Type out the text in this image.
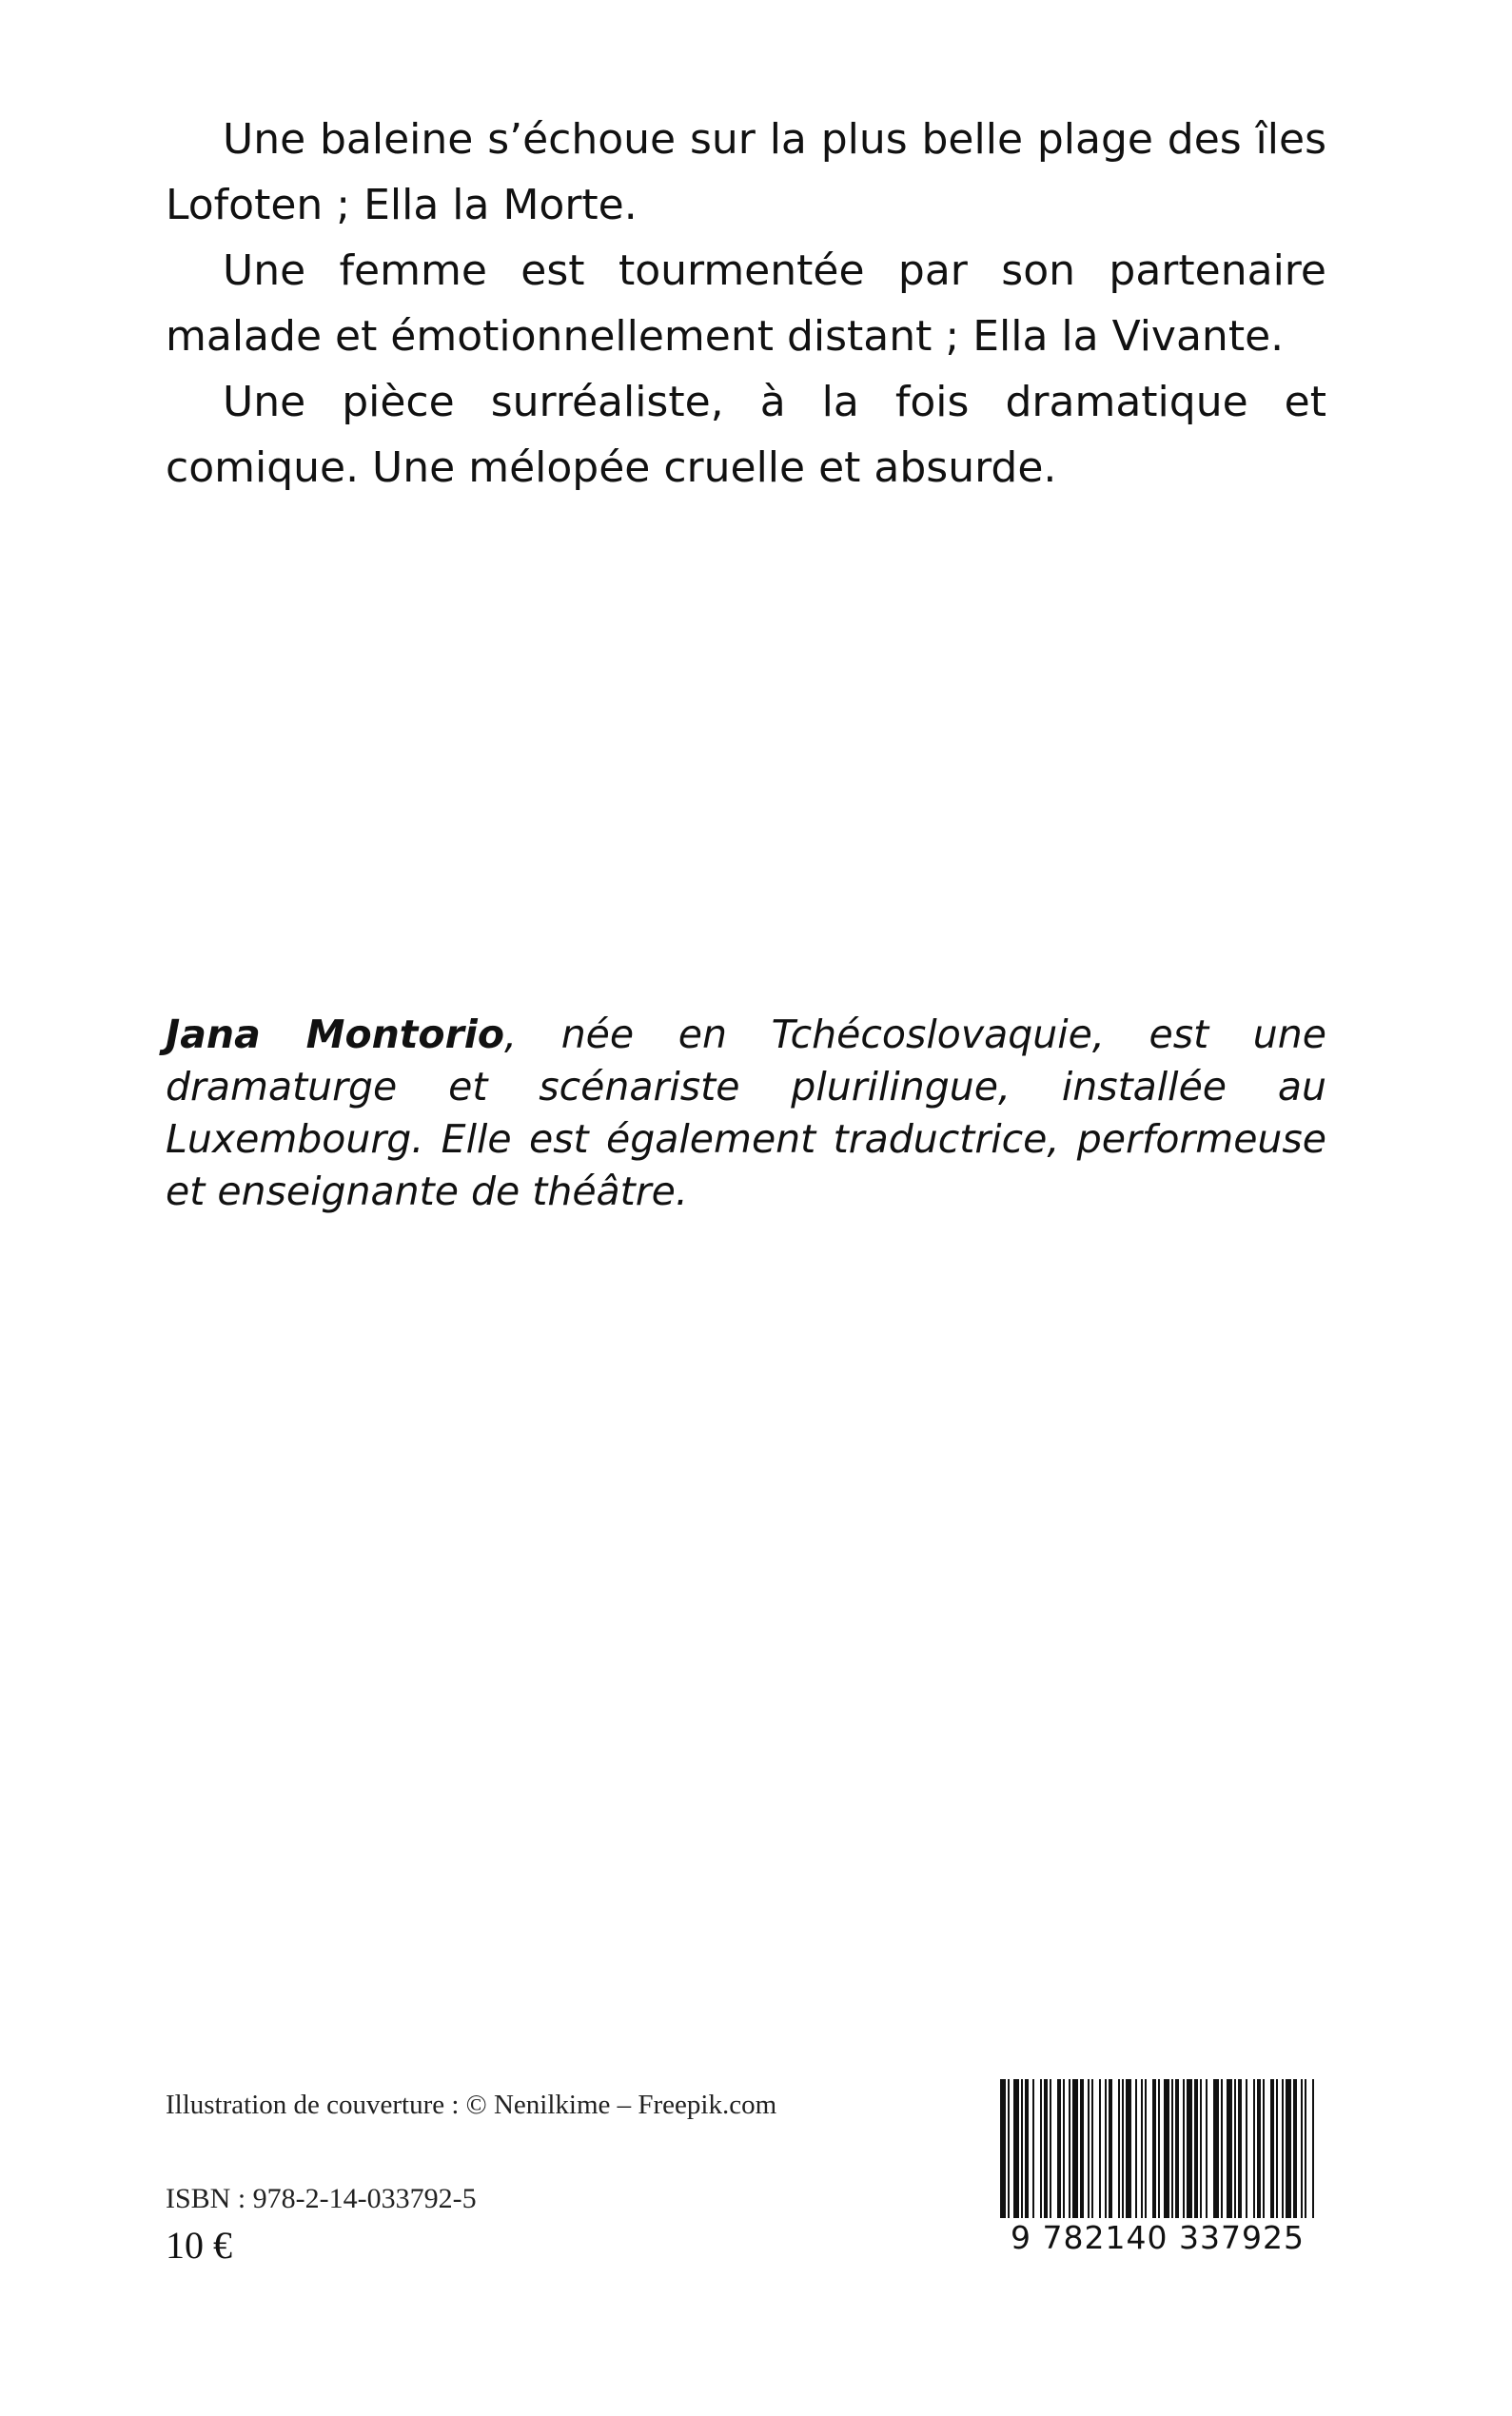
Une baleine s’échoue sur la plus belle plage des îles Lofoten ; Ella la Morte.

Une femme est tourmentée par son partenaire malade et émotionnellement distant ; Ella la Vivante.

Une pièce surréaliste, à la fois dramatique et comique. Une mélopée cruelle et absurde.

Jana Montorio, née en Tchécoslovaquie, est une dramaturge et scénariste plurilingue, installée au Luxembourg. Elle est également traductrice, performeuse et enseignante de théâtre.
Illustration de couverture : © Nenilkime – Freepik.com
ISBN : 978-2-14-033792-5
10 €	9 782140 337925
